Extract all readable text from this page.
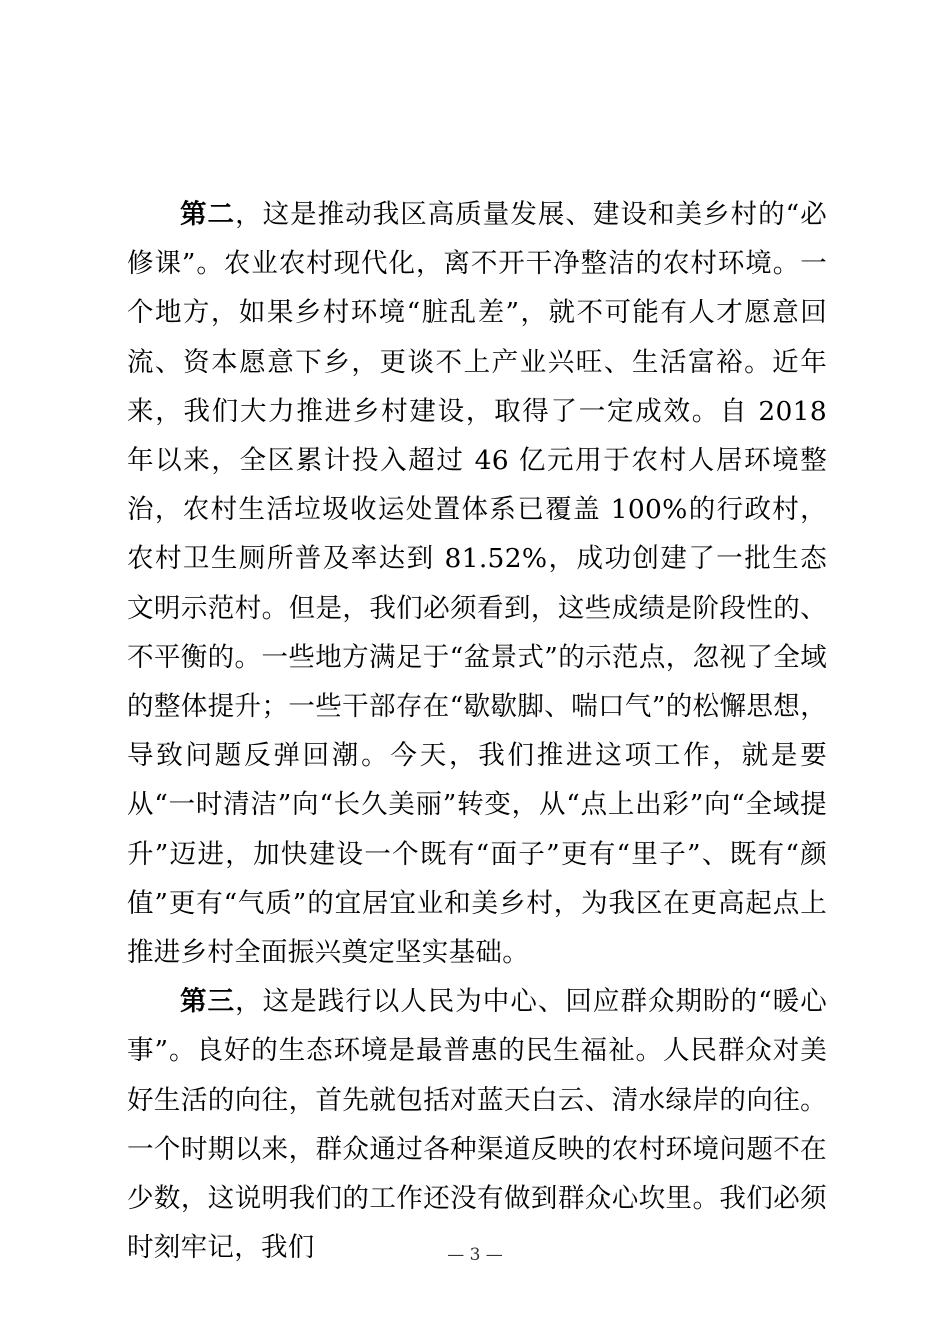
第二，这是推动我区高质量发展、建设和美乡村的“必修课”。农业农村现代化，离不开干净整洁的农村环境。一个地方，如果乡村环境“脏乱差”，就不可能有人才愿意回流、资本愿意下乡，更谈不上产业兴旺、生活富裕。近年来，我们大力推进乡村建设，取得了一定成效。自 2018 年以来，全区累计投入超过 46 亿元用于农村人居环境整治，农村生活垃圾收运处置体系已覆盖 100%的行政村，农村卫生厕所普及率达到 81.52%，成功创建了一批生态文明示范村。但是，我们必须看到，这些成绩是阶段性的、不平衡的。一些地方满足于“盆景式”的示范点，忽视了全域的整体提升；一些干部存在“歇歇脚、喘口气”的松懈思想，导致问题反弹回潮。今天，我们推进这项工作，就是要从“一时清洁”向“长久美丽”转变，从“点上出彩”向“全域提升”迈进，加快建设一个既有“面子”更有“里子”、既有“颜值”更有“气质”的宜居宜业和美乡村，为我区在更高起点上推进乡村全面振兴奠定坚实基础。

第三，这是践行以人民为中心、回应群众期盼的“暖心事”。良好的生态环境是最普惠的民生福祉。人民群众对美好生活的向往，首先就包括对蓝天白云、清水绿岸的向往。一个时期以来，群众通过各种渠道反映的农村环境问题不在少数，这说明我们的工作还没有做到群众心坎里。我们必须时刻牢记，我们	— 3 —
